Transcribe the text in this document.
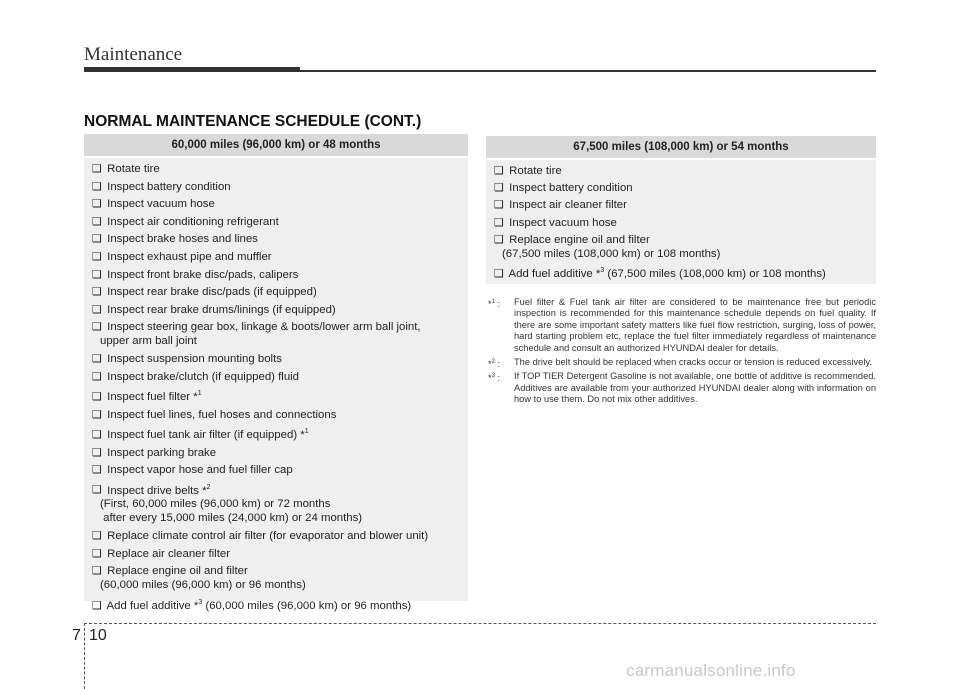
Maintenance
NORMAL MAINTENANCE SCHEDULE (CONT.)
60,000 miles (96,000 km) or 48 months
❑ Rotate tire
❑ Inspect battery condition
❑ Inspect vacuum hose
❑ Inspect air conditioning refrigerant
❑ Inspect brake hoses and lines
❑ Inspect exhaust pipe and muffler
❑ Inspect front brake disc/pads, calipers
❑ Inspect rear brake disc/pads (if equipped)
❑ Inspect rear brake drums/linings (if equipped)
❑ Inspect steering gear box, linkage & boots/lower arm ball joint,
upper arm ball joint
❑ Inspect suspension mounting bolts
❑ Inspect brake/clutch (if equipped) fluid
❑ Inspect fuel filter *$^1$
❑ Inspect fuel lines, fuel hoses and connections
❑ Inspect fuel tank air filter (if equipped) *$^1$
❑ Inspect parking brake
❑ Inspect vapor hose and fuel filler cap
❑ Inspect drive belts *$^2$
(First, 60,000 miles (96,000 km) or 72 months
after every 15,000 miles (24,000 km) or 24 months)
❑ Replace climate control air filter (for evaporator and blower unit)
❑ Replace air cleaner filter
❑ Replace engine oil and filter
(60,000 miles (96,000 km) or 96 months)
❑ Add fuel additive *$^3$ (60,000 miles (96,000 km) or 96 months)
67,500 miles (108,000 km) or 54 months
❑ Rotate tire
❑ Inspect battery condition
❑ Inspect air cleaner filter
❑ Inspect vacuum hose
❑ Replace engine oil and filter
(67,500 miles (108,000 km) or 108 months)
❑ Add fuel additive *$^3$ (67,500 miles (108,000 km) or 108 months)
*$^1$ : Fuel filter & Fuel tank air filter are considered to be maintenance free but periodic inspection is recommended for this maintenance schedule depends on fuel quality. If there are some important safety matters like fuel flow restriction, surging, loss of power, hard starting problem etc, replace the fuel filter immediately regardless of maintenance schedule and consult an authorized HYUNDAI dealer for details.
*$^2$ : The drive belt should be replaced when cracks occur or tension is reduced excessively.
*$^3$ : If TOP TIER Detergent Gasoline is not available, one bottle of additive is recommended. Additives are available from your authorized HYUNDAI dealer along with information on how to use them. Do not mix other additives.
7 10
carmanualsonline.info
